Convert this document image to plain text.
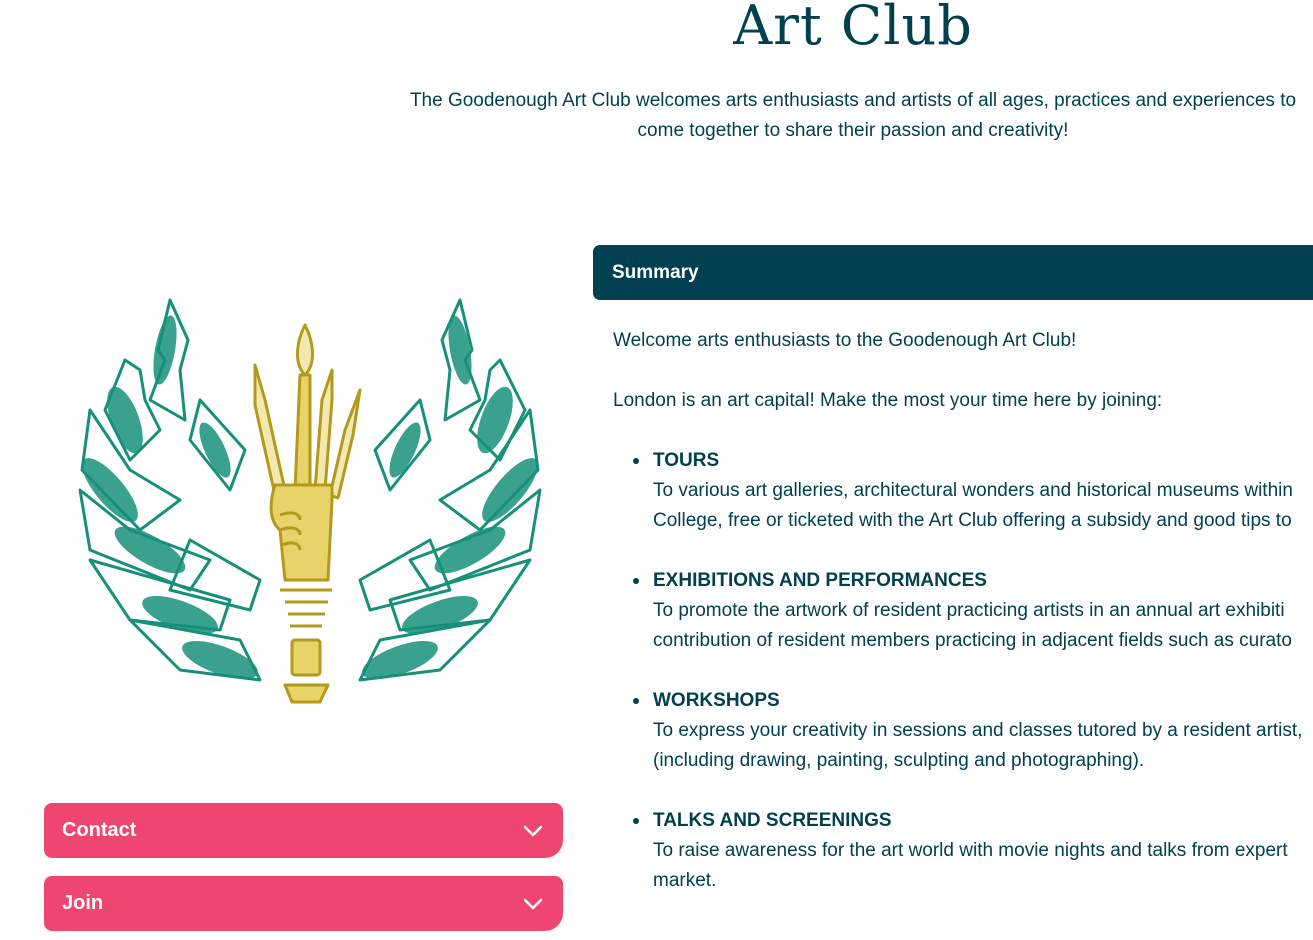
Art Club

The Goodenough Art Club welcomes arts enthusiasts and artists of all ages, practices and experiences to come together to share their passion and creativity!

Contact
Join
Summary

Welcome arts enthusiasts to the Goodenough Art Club!

London is an art capital! Make the most your time here by joining:

TOURS
To various art galleries, architectural wonders and historical museums within
College, free or ticketed with the Art Club offering a subsidy and good tips to
EXHIBITIONS AND PERFORMANCES
To promote the artwork of resident practicing artists in an annual art exhibiti
contribution of resident members practicing in adjacent fields such as curato
WORKSHOPS
To express your creativity in sessions and classes tutored by a resident artist,
(including drawing, painting, sculpting and photographing).
TALKS AND SCREENINGS
To raise awareness for the art world with movie nights and talks from expert
market.
